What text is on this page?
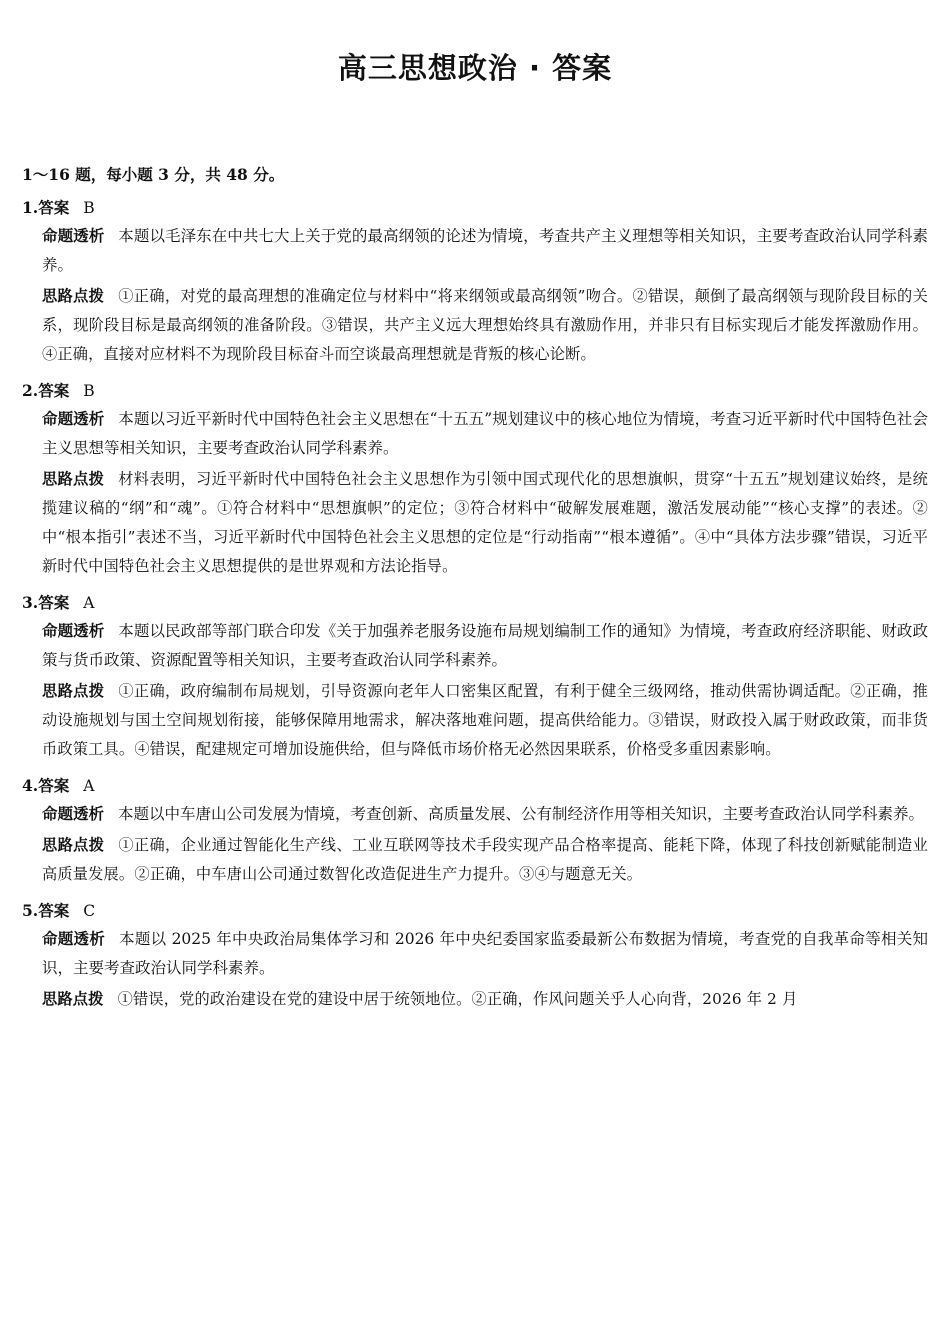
高三思想政治 · 答案
1～16 题，每小题 3 分，共 48 分。
1.答案 B
命题透析 本题以毛泽东在中共七大上关于党的最高纲领的论述为情境，考查共产主义理想等相关知识，主要考查政治认同学科素养。
思路点拨 ①正确，对党的最高理想的准确定位与材料中“将来纲领或最高纲领”吻合。②错误，颠倒了最高纲领与现阶段目标的关系，现阶段目标是最高纲领的准备阶段。③错误，共产主义远大理想始终具有激励作用，并非只有目标实现后才能发挥激励作用。④正确，直接对应材料不为现阶段目标奋斗而空谈最高理想就是背叛的核心论断。
2.答案 B
命题透析 本题以习近平新时代中国特色社会主义思想在“十五五”规划建议中的核心地位为情境，考查习近平新时代中国特色社会主义思想等相关知识，主要考查政治认同学科素养。
思路点拨 材料表明，习近平新时代中国特色社会主义思想作为引领中国式现代化的思想旗帜，贯穿“十五五”规划建议始终，是统揽建议稿的“纲”和“魂”。①符合材料中“思想旗帜”的定位；③符合材料中“破解发展难题，激活发展动能”“核心支撑”的表述。②中“根本指引”表述不当，习近平新时代中国特色社会主义思想的定位是“行动指南”“根本遵循”。④中“具体方法步骤”错误，习近平新时代中国特色社会主义思想提供的是世界观和方法论指导。
3.答案 A
命题透析 本题以民政部等部门联合印发《关于加强养老服务设施布局规划编制工作的通知》为情境，考查政府经济职能、财政政策与货币政策、资源配置等相关知识，主要考查政治认同学科素养。
思路点拨 ①正确，政府编制布局规划，引导资源向老年人口密集区配置，有利于健全三级网络，推动供需协调适配。②正确，推动设施规划与国土空间规划衔接，能够保障用地需求，解决落地难问题，提高供给能力。③错误，财政投入属于财政政策，而非货币政策工具。④错误，配建规定可增加设施供给，但与降低市场价格无必然因果联系，价格受多重因素影响。
4.答案 A
命题透析 本题以中车唐山公司发展为情境，考查创新、高质量发展、公有制经济作用等相关知识，主要考查政治认同学科素养。
思路点拨 ①正确，企业通过智能化生产线、工业互联网等技术手段实现产品合格率提高、能耗下降，体现了科技创新赋能制造业高质量发展。②正确，中车唐山公司通过数智化改造促进生产力提升。③④与题意无关。
5.答案 C
命题透析 本题以 2025 年中央政治局集体学习和 2026 年中央纪委国家监委最新公布数据为情境，考查党的自我革命等相关知识，主要考查政治认同学科素养。
思路点拨 ①错误，党的政治建设在党的建设中居于统领地位。②正确，作风问题关乎人心向背，2026 年 2 月
